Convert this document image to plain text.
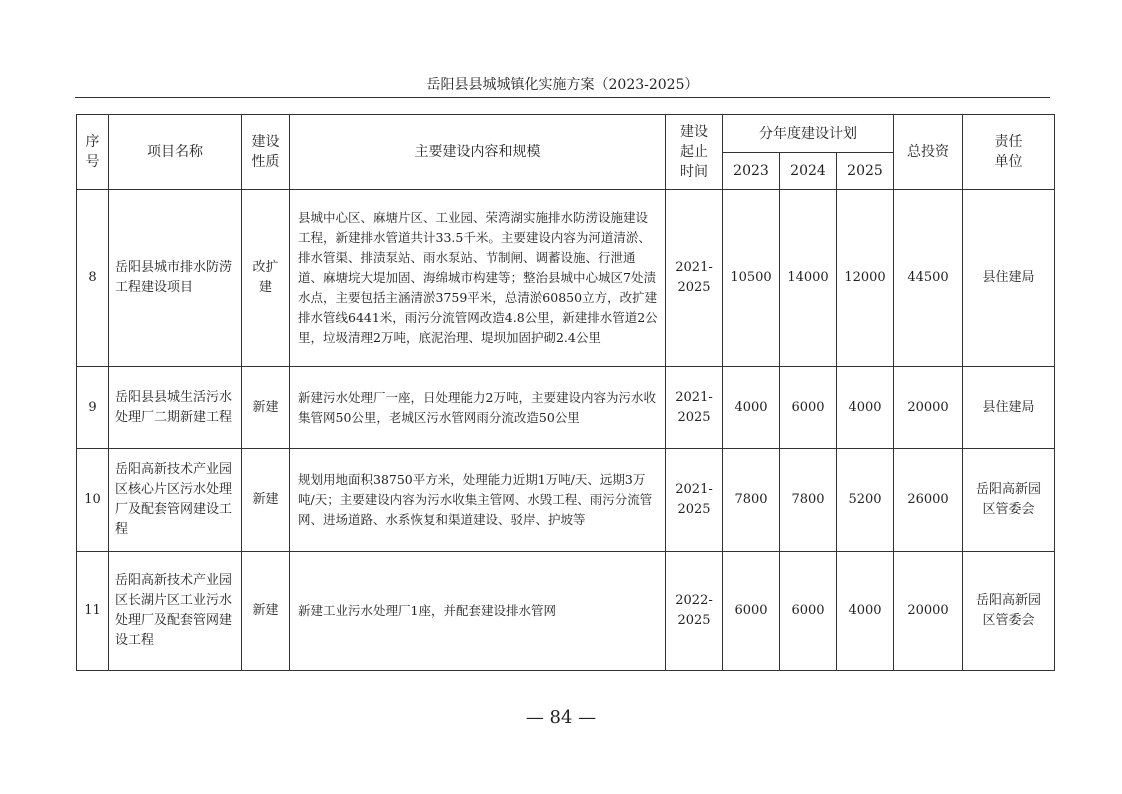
岳阳县县城城镇化实施方案（2023-2025）
序号	项目名称	建设性质	主要建设内容和规模	建设起止时间	分年度建设计划			总投资	责任单位
					2023	2024	2025		
8	岳阳县城市排水防涝工程建设项目	改扩建	县城中心区、麻塘片区、工业园、荣湾湖实施排水防涝设施建设工程，新建排水管道共计33.5千米。主要建设内容为河道清淤、排水管渠、排渍泵站、雨水泵站、节制闸、调蓄设施、行泄通道、麻塘垸大堤加固、海绵城市构建等；整治县城中心城区7处渍水点，主要包括主涵清淤3759平米，总清淤60850立方，改扩建排水管线6441米，雨污分流管网改造4.8公里，新建排水管道2公里，垃圾清理2万吨，底泥治理、堤坝加固护砌2.4公里	2021-2025	10500	14000	12000	44500	县住建局
9	岳阳县县城生活污水处理厂二期新建工程	新建	新建污水处理厂一座，日处理能力2万吨，主要建设内容为污水收集管网50公里，老城区污水管网雨分流改造50公里	2021-2025	4000	6000	4000	20000	县住建局
10	岳阳高新技术产业园区核心片区污水处理厂及配套管网建设工程	新建	规划用地面积38750平方米，处理能力近期1万吨/天、远期3万吨/天；主要建设内容为污水收集主管网、水毁工程、雨污分流管网、进场道路、水系恢复和渠道建设、驳岸、护坡等	2021-2025	7800	7800	5200	26000	岳阳高新园区管委会
11	岳阳高新技术产业园区长湖片区工业污水处理厂及配套管网建设工程	新建	新建工业污水处理厂1座，并配套建设排水管网	2022-2025	6000	6000	4000	20000	岳阳高新园区管委会
— 84 —
